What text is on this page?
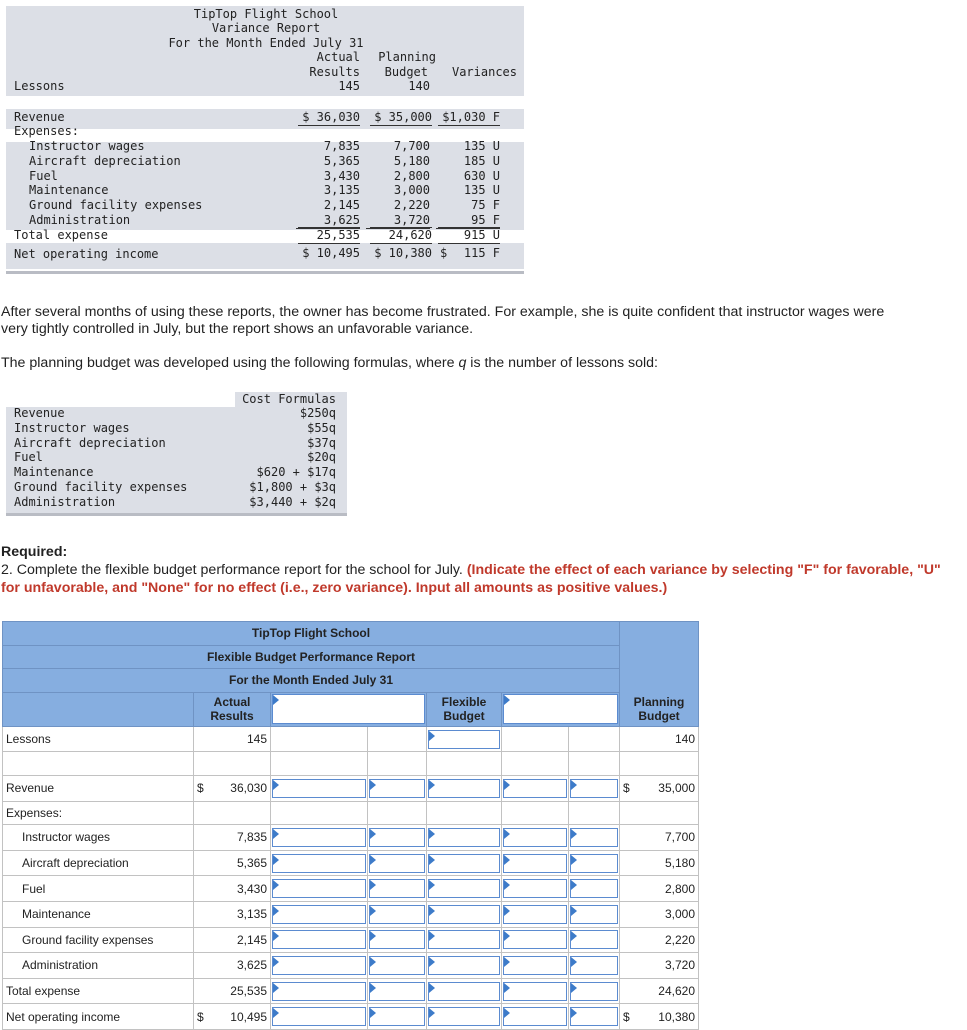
TipTop Flight School
Variance Report
For the Month Ended July 31
Actual
Results
Planning
Budget	Variances
Lessons	145	140
Revenue	$ 36,030	$ 35,000 $1,030 F
Expenses:
Instructor wages	7,835	7,700	135 U
Aircraft depreciation	5,365	5,180	185 U
Fuel	3,430	2,800	630 U
Maintenance	3,135	3,000	135 U
Ground facility expenses	2,145	2,220	75 F
Administration	3,625	3,720	95 F
Total expense	25,535	24,620	915 U
Net operating income	$ 10,495	$ 10,380 $	115 F
After several months of using these reports, the owner has become frustrated. For example, she is quite confident that instructor wages were very tightly controlled in July, but the report shows an unfavorable variance.
The planning budget was developed using the following formulas, where q is the number of lessons sold:
Cost Formulas
Revenue	$250q
Instructor wages	$55q
Aircraft depreciation	$37q
Fuel	$20q
Maintenance	$620 + $17q
Ground facility expenses	$1,800 + $3q
Administration	$3,440 + $2q
Required:
2. Complete the flexible budget performance report for the school for July. (Indicate the effect of each variance by selecting "F" for favorable, "U" for unfavorable, and "None" for no effect (i.e., zero variance). Input all amounts as positive values.)
TipTop Flight School							Planning
Budget
Flexible Budget Performance Report							
For the Month Ended July 31							
	Actual
Results			Flexible
Budget			

Lessons	145						140

Revenue	$ 36,030						$ 35,000
Expenses:							
Instructor wages	7,835						7,700
Aircraft depreciation	5,365						5,180
Fuel	3,430						2,800
Maintenance	3,135						3,000
Ground facility expenses	2,145						2,220
Administration	3,625						3,720
Total expense	25,535						24,620
Net operating income	$ 10,495						$ 10,380
